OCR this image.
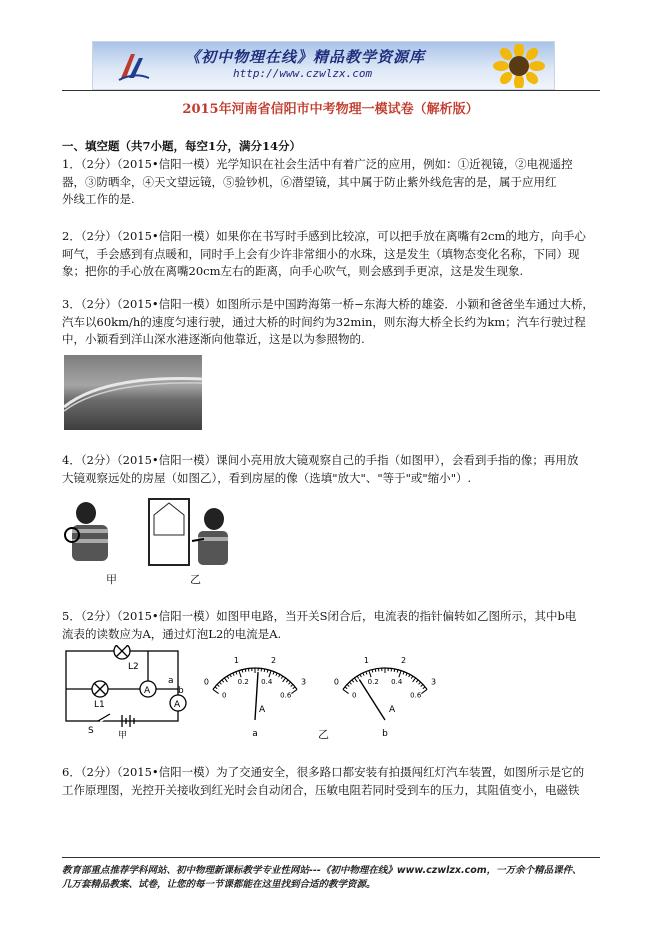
《初中物理在线》精品教学资源库
http://www.czwlzx.com
2015年河南省信阳市中考物理一模试卷（解析版）
一、填空题（共7小题，每空1分，满分14分）
1．（2分）（2015•信阳一模）光学知识在社会生活中有着广泛的应用，例如：①近视镜，②电视遥控
器，③防晒伞，④天文望远镜，⑤验钞机，⑥潜望镜，其中属于防止紫外线危害的是，属于应用红
外线工作的是.
2．（2分）（2015•信阳一模）如果你在书写时手感到比较凉，可以把手放在离嘴有2cm的地方，向手心
呵气，手会感到有点暖和，同时手上会有少许非常细小的水珠，这是发生（填物态变化名称，下同）现
象；把你的手心放在离嘴20cm左右的距离，向手心吹气，则会感到手更凉，这是发生现象.
3．（2分）（2015•信阳一模）如图所示是中国跨海第一桥−东海大桥的雄姿．小颖和爸爸坐车通过大桥，
汽车以60km/h的速度匀速行驶，通过大桥的时间约为32min，则东海大桥全长约为km；汽车行驶过程
中，小颖看到洋山深水港逐渐向他靠近，这是以为参照物的.
4．（2分）（2015•信阳一模）课间小亮用放大镜观察自己的手指（如图甲），会看到手指的像；再用放
大镜观察远处的房屋（如图乙），看到房屋的像（选填"放大"、"等于"或"缩小"）.
甲	乙
5．（2分）（2015•信阳一模）如图甲电路，当开关S闭合后，电流表的指针偏转如乙图所示，其中b电
流表的读数应为A，通过灯泡L2的电流是A.
L2
L1
A
A
a
b
S	甲
0
1	2
3
0
0.2 0.4
0.6
A
a
0
1	2
3
0
0.2 0.4
0.6
A
b
乙
6．（2分）（2015•信阳一模）为了交通安全，很多路口都安装有拍摄闯红灯汽车装置，如图所示是它的
工作原理图，光控开关接收到红光时会自动闭合，压敏电阻若同时受到车的压力，其阻值变小，电磁铁
教育部重点推荐学科网站、初中物理新课标教学专业性网站---《初中物理在线》www.czwlzx.com，一万余个精品课件、
几万套精品教案、试卷，让您的每一节课都能在这里找到合适的教学资源。
